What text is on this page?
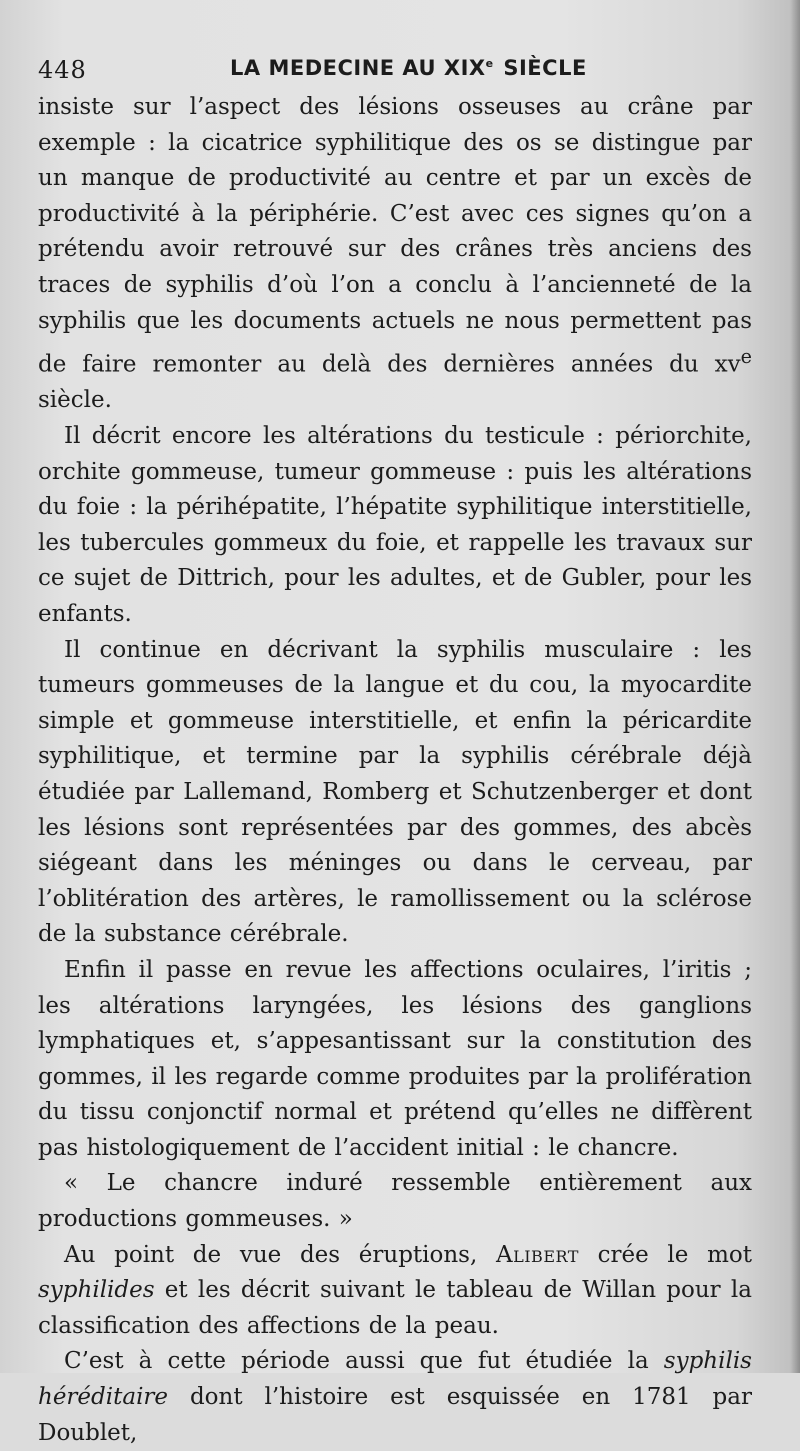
448	LA MEDECINE AU XIXe SIÈCLE

insiste sur l’aspect des lésions osseuses au crâne par exemple : la cicatrice syphilitique des os se distingue par un manque de productivité au centre et par un excès de productivité à la périphérie. C’est avec ces signes qu’on a prétendu avoir retrouvé sur des crânes très anciens des traces de syphilis d’où l’on a conclu à l’ancienneté de la syphilis que les documents actuels ne nous permettent pas de faire remonter au delà des dernières années du $xv^e$ siècle.

Il décrit encore les altérations du testicule : périorchite, orchite gommeuse, tumeur gommeuse : puis les altérations du foie : la périhépatite, l’hépatite syphilitique interstitielle, les tubercules gommeux du foie, et rappelle les travaux sur ce sujet de Dittrich, pour les adultes, et de Gubler, pour les enfants.

Il continue en décrivant la syphilis musculaire : les tumeurs gommeuses de la langue et du cou, la myocardite simple et gommeuse interstitielle, et enfin la péricardite syphilitique, et termine par la syphilis cérébrale déjà étudiée par Lallemand, Romberg et Schutzenberger et dont les lésions sont représentées par des gommes, des abcès siégeant dans les méninges ou dans le cerveau, par l’oblitération des artères, le ramollissement ou la sclérose de la substance cérébrale.

Enfin il passe en revue les affections oculaires, l’iritis ; les altérations laryngées, les lésions des ganglions lymphatiques et, s’appesantissant sur la constitution des gommes, il les regarde comme produites par la prolifération du tissu conjonctif normal et prétend qu’elles ne diffèrent pas histologiquement de l’accident initial : le chancre.

« Le chancre induré ressemble entièrement aux productions gommeuses. »

Au point de vue des éruptions, Alibert crée le mot syphilides et les décrit suivant le tableau de Willan pour la classification des affections de la peau.

C’est à cette période aussi que fut étudiée la syphilis héréditaire dont l’histoire est esquissée en 1781 par Doublet,
